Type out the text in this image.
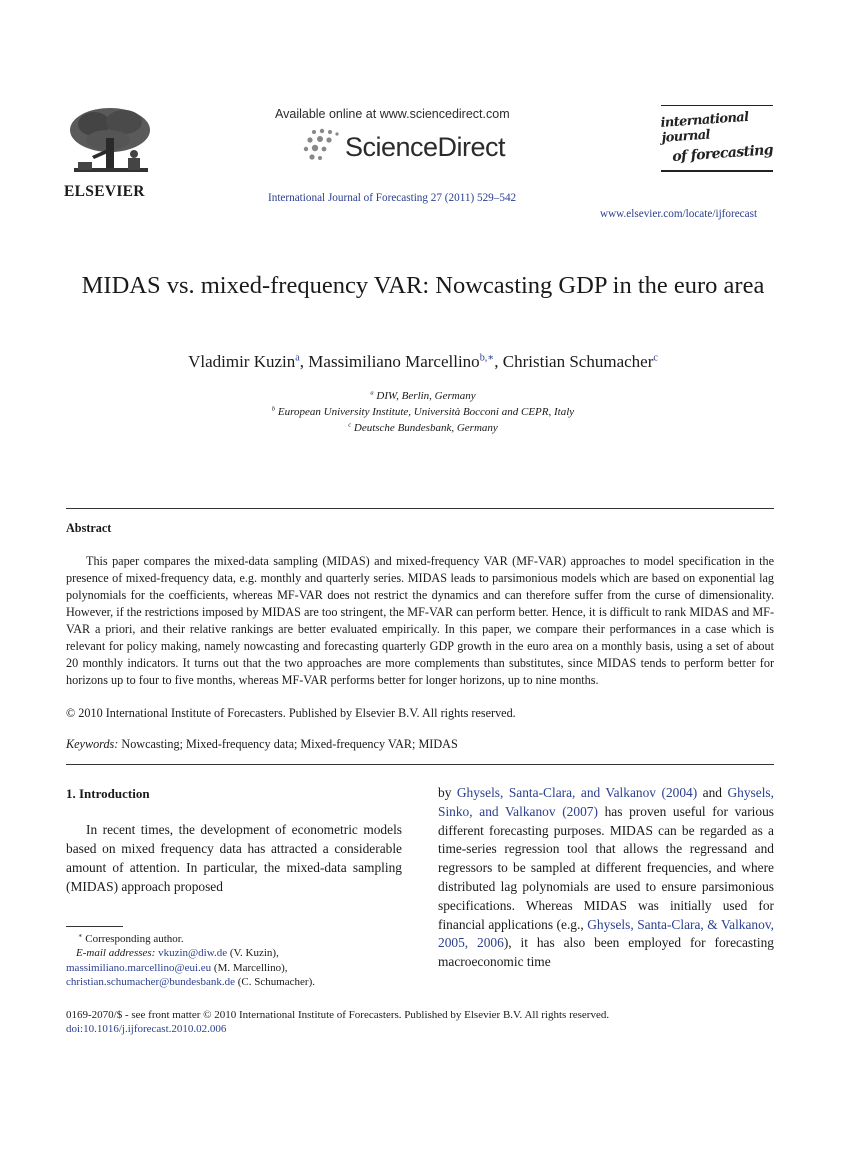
ELSEVIER
Available online at www.sciencedirect.com
ScienceDirect
International Journal of Forecasting 27 (2011) 529–542
international journal
of forecasting
www.elsevier.com/locate/ijforecast
MIDAS vs. mixed-frequency VAR: Nowcasting GDP in the euro area
Vladimir Kuzin$^a$, Massimiliano Marcellino$^{b,∗}$, Christian Schumacher$^c$
$^a$ DIW, Berlin, Germany
$^b$ European University Institute, Università Bocconi and CEPR, Italy
$^c$ Deutsche Bundesbank, Germany
Abstract
This paper compares the mixed-data sampling (MIDAS) and mixed-frequency VAR (MF-VAR) approaches to model specification in the presence of mixed-frequency data, e.g. monthly and quarterly series. MIDAS leads to parsimonious models which are based on exponential lag polynomials for the coefficients, whereas MF-VAR does not restrict the dynamics and can therefore suffer from the curse of dimensionality. However, if the restrictions imposed by MIDAS are too stringent, the MF-VAR can perform better. Hence, it is difficult to rank MIDAS and MF-VAR a priori, and their relative rankings are better evaluated empirically. In this paper, we compare their performances in a case which is relevant for policy making, namely nowcasting and forecasting quarterly GDP growth in the euro area on a monthly basis, using a set of about 20 monthly indicators. It turns out that the two approaches are more complements than substitutes, since MIDAS tends to perform better for horizons up to four to five months, whereas MF-VAR performs better for longer horizons, up to nine months.
© 2010 International Institute of Forecasters. Published by Elsevier B.V. All rights reserved.
Keywords: Nowcasting; Mixed-frequency data; Mixed-frequency VAR; MIDAS
1. Introduction
In recent times, the development of econometric models based on mixed frequency data has attracted a considerable amount of attention. In particular, the mixed-data sampling (MIDAS) approach proposed
by Ghysels, Santa-Clara, and Valkanov (2004) and Ghysels, Sinko, and Valkanov (2007) has proven useful for various different forecasting purposes. MIDAS can be regarded as a time-series regression tool that allows the regressand and regressors to be sampled at different frequencies, and where distributed lag polynomials are used to ensure parsimonious specifications. Whereas MIDAS was initially used for financial applications (e.g., Ghysels, Santa-Clara, & Valkanov, 2005, 2006), it has also been employed for forecasting macroeconomic time
∗ Corresponding author.
E-mail addresses: vkuzin@diw.de (V. Kuzin),
massimiliano.marcellino@eui.eu (M. Marcellino),
christian.schumacher@bundesbank.de (C. Schumacher).
0169-2070/$ - see front matter © 2010 International Institute of Forecasters. Published by Elsevier B.V. All rights reserved.
doi:10.1016/j.ijforecast.2010.02.006
